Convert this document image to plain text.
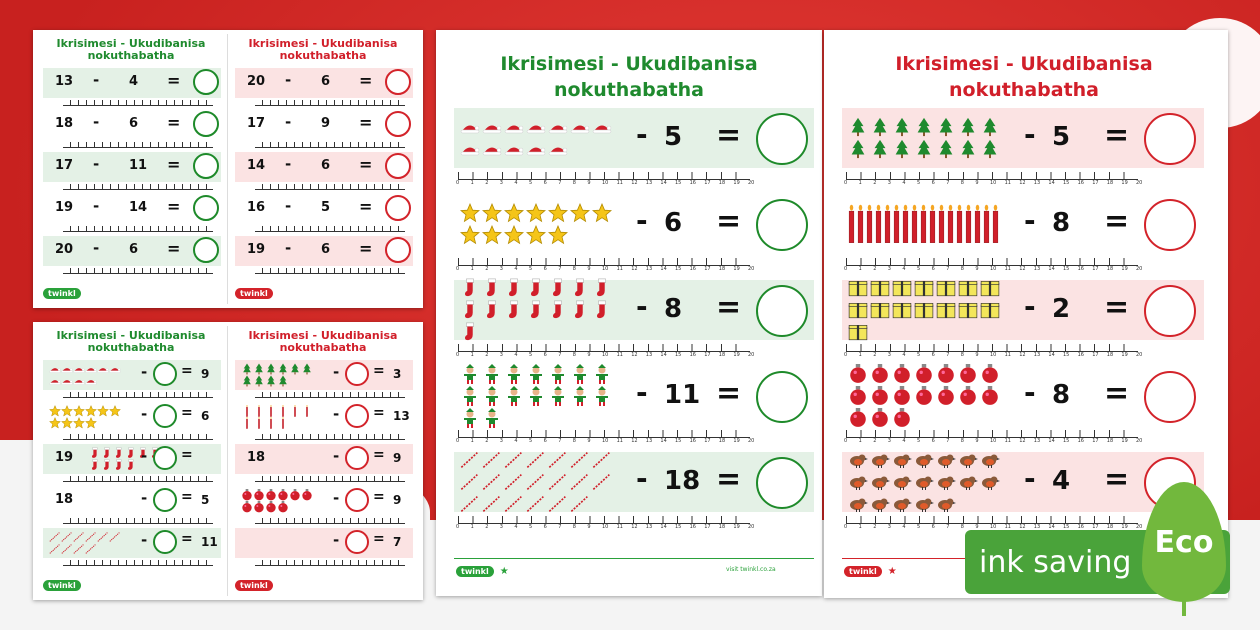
Ikrisimesi - Ukudibanisa nokuthabatha
Ikrisimesi - Ukudibanisa nokuthabatha
13 - 4 =
18 - 6 =
17 - 11 =
19 - 14 =
20 - 6 =
20 - 6 =
17 - 9 =
14 - 6 =
16 - 5 =
19 - 6 =
twinkl	twinkl
Ikrisimesi - Ukudibanisa nokuthabatha
Ikrisimesi - Ukudibanisa nokuthabatha
- = 9
- = 6
19	- =
18	- = 5
- = 11
- = 3
- = 13
18	- = 9
- = 9
- = 7
twinkl	twinkl
Ikrisimesi - Ukudibanisa nokuthabatha
- 5 =
0 1 2 3 4 5 6 7 8 9 10 11 12 13 14 15 16 17 18 19 20
- 6 =
0 1 2 3 4 5 6 7 8 9 10 11 12 13 14 15 16 17 18 19 20
- 8 =
0 1 2 3 4 5 6 7 8 9 10 11 12 13 14 15 16 17 18 19 20
- 11 =
0 1 2 3 4 5 6 7 8 9 10 11 12 13 14 15 16 17 18 19 20
- 18 =
0 1 2 3 4 5 6 7 8 9 10 11 12 13 14 15 16 17 18 19 20
twinkl	★	visit twinkl.co.za
Ikrisimesi - Ukudibanisa nokuthabatha
- 5 =
0 1 2 3 4 5 6 7 8 9 10 11 12 13 14 15 16 17 18 19 20
- 8 =
0 1 2 3 4 5 6 7 8 9 10 11 12 13 14 15 16 17 18 19 20
- 2 =
0 1 2 3 4 5 6 7 8 9 10 11 12 13 14 15 16 17 18 19 20
- 8 =
0 1 2 3 4 5 6 7 8 9 10 11 12 13 14 15 16 17 18 19 20
- 4 =
0 1 2 3 4 5 6 7 8 9 10 11 12 13 14 15 16 17 18 19 20
twinkl	★	ink saving
Eco
